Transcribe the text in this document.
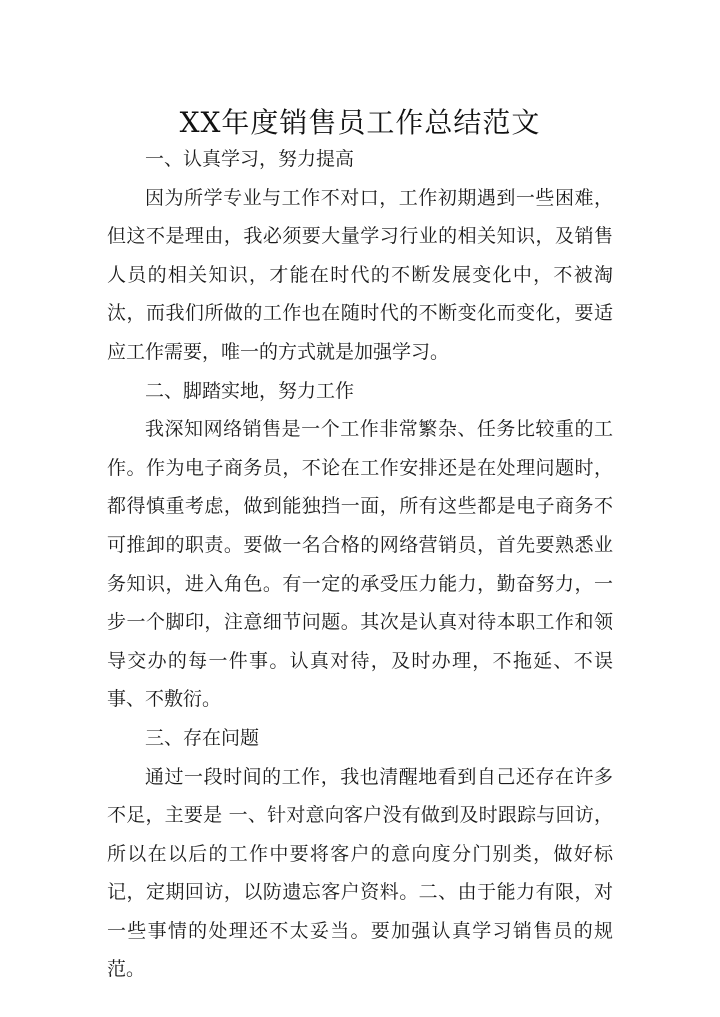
XX年度销售员工作总结范文

一、认真学习，努力提高

因为所学专业与工作不对口，工作初期遇到一些困难，但这不是理由，我必须要大量学习行业的相关知识，及销售人员的相关知识，才能在时代的不断发展变化中，不被淘汰，而我们所做的工作也在随时代的不断变化而变化，要适应工作需要，唯一的方式就是加强学习。

二、脚踏实地，努力工作

我深知网络销售是一个工作非常繁杂、任务比较重的工作。作为电子商务员，不论在工作安排还是在处理问题时，都得慎重考虑，做到能独挡一面，所有这些都是电子商务不可推卸的职责。要做一名合格的网络营销员，首先要熟悉业务知识，进入角色。有一定的承受压力能力，勤奋努力，一步一个脚印，注意细节问题。其次是认真对待本职工作和领导交办的每一件事。认真对待，及时办理，不拖延、不误事、不敷衍。

三、存在问题

通过一段时间的工作，我也清醒地看到自己还存在许多不足，主要是 一、针对意向客户没有做到及时跟踪与回访，所以在以后的工作中要将客户的意向度分门别类，做好标记，定期回访，以防遗忘客户资料。二、由于能力有限，对一些事情的处理还不太妥当。要加强认真学习销售员的规范。
